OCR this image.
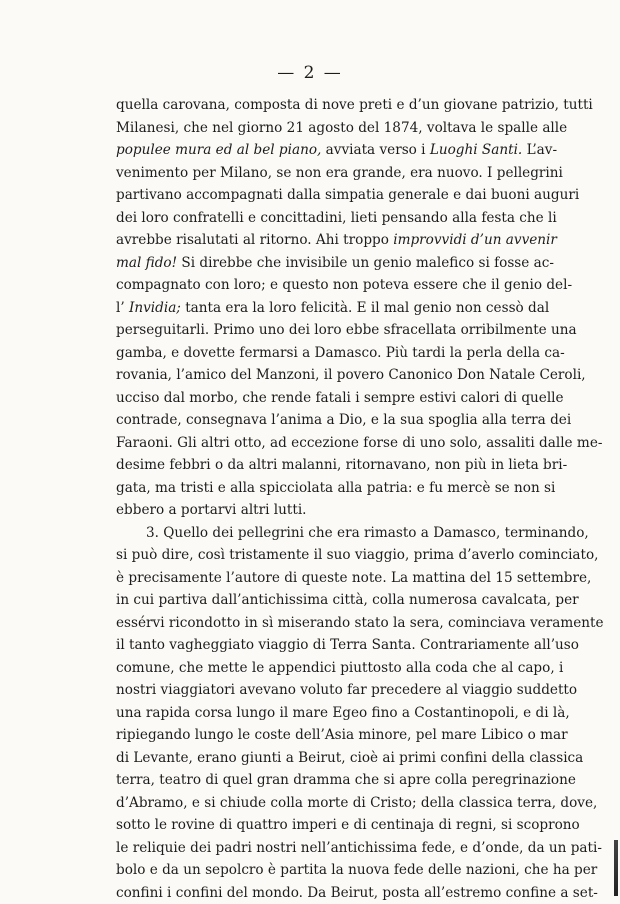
— 2 —
quella carovana, composta di nove preti e d’un giovane patrizio, tutti
Milanesi, che nel giorno 21 agosto del 1874, voltava le spalle alle
populee mura ed al bel piano, avviata verso i Luoghi Santi. L’av-
venimento per Milano, se non era grande, era nuovo. I pellegrini
partivano accompagnati dalla simpatia generale e dai buoni auguri
dei loro confratelli e concittadini, lieti pensando alla festa che li
avrebbe risalutati al ritorno. Ahi troppo improvvidi d’un avvenir
mal fido! Si direbbe che invisibile un genio malefico si fosse ac-
compagnato con loro; e questo non poteva essere che il genio del-
l’ Invidia; tanta era la loro felicità. E il mal genio non cessò dal
perseguitarli. Primo uno dei loro ebbe sfracellata orribilmente una
gamba, e dovette fermarsi a Damasco. Più tardi la perla della ca-
rovania, l’amico del Manzoni, il povero Canonico Don Natale Ceroli,
ucciso dal morbo, che rende fatali i sempre estivi calori di quelle
contrade, consegnava l’anima a Dio, e la sua spoglia alla terra dei
Faraoni. Gli altri otto, ad eccezione forse di uno solo, assaliti dalle me-
desime febbri o da altri malanni, ritornavano, non più in lieta bri-
gata, ma tristi e alla spicciolata alla patria: e fu mercè se non si
ebbero a portarvi altri lutti.
3. Quello dei pellegrini che era rimasto a Damasco, terminando,
si può dire, così tristamente il suo viaggio, prima d’averlo cominciato,
è precisamente l’autore di queste note. La mattina del 15 settembre,
in cui partiva dall’antichissima città, colla numerosa cavalcata, per
essérvi ricondotto in sì miserando stato la sera, cominciava veramente
il tanto vagheggiato viaggio di Terra Santa. Contrariamente all’uso
comune, che mette le appendici piuttosto alla coda che al capo, i
nostri viaggiatori avevano voluto far precedere al viaggio suddetto
una rapida corsa lungo il mare Egeo fino a Costantinopoli, e di là,
ripiegando lungo le coste dell’Asia minore, pel mare Libico o mar
di Levante, erano giunti a Beirut, cioè ai primi confini della classica
terra, teatro di quel gran dramma che si apre colla peregrinazione
d’Abramo, e si chiude colla morte di Cristo; della classica terra, dove,
sotto le rovine di quattro imperi e di centinaja di regni, si scoprono
le reliquie dei padri nostri nell’antichissima fede, e d’onde, da un pati-
bolo e da un sepolcro è partita la nuova fede delle nazioni, che ha per
confini i confini del mondo. Da Beirut, posta all’estremo confine a set-
